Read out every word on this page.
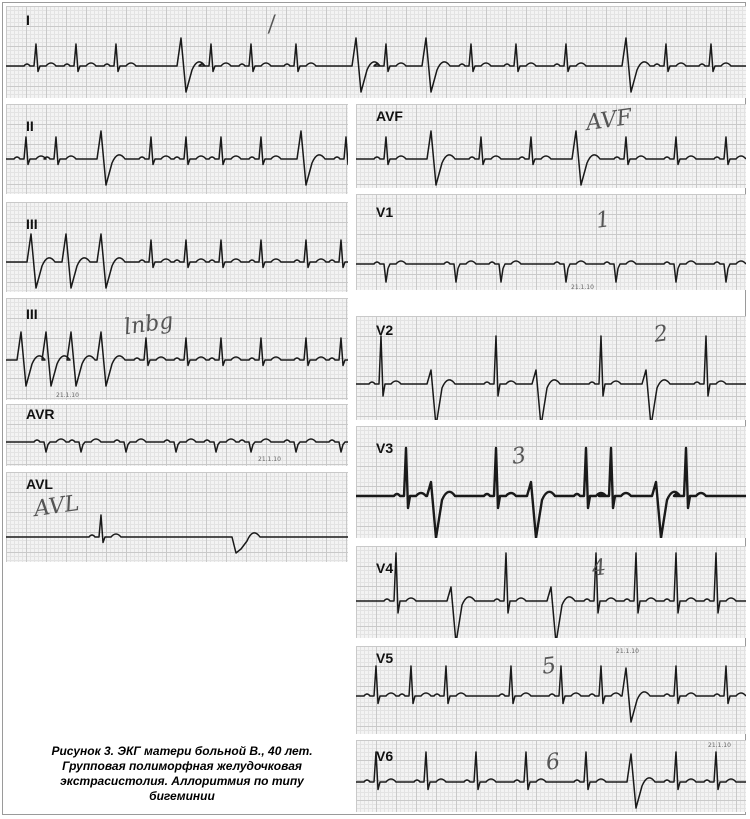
I	/
II
III
III	lnbg
21.1.10
AVR
21.1.10
AVL
AVL
AVF	AVF
V1	1
21.1.10
V2	2
V3	3
V4	4
V5	5
21.1.10
V6	6
21.1.10
Рисунок 3. ЭКГ матери больной В., 40 лет.
Групповая полиморфная желудочковая
экстрасистолия. Аллоритмия по типу
бигеминии
